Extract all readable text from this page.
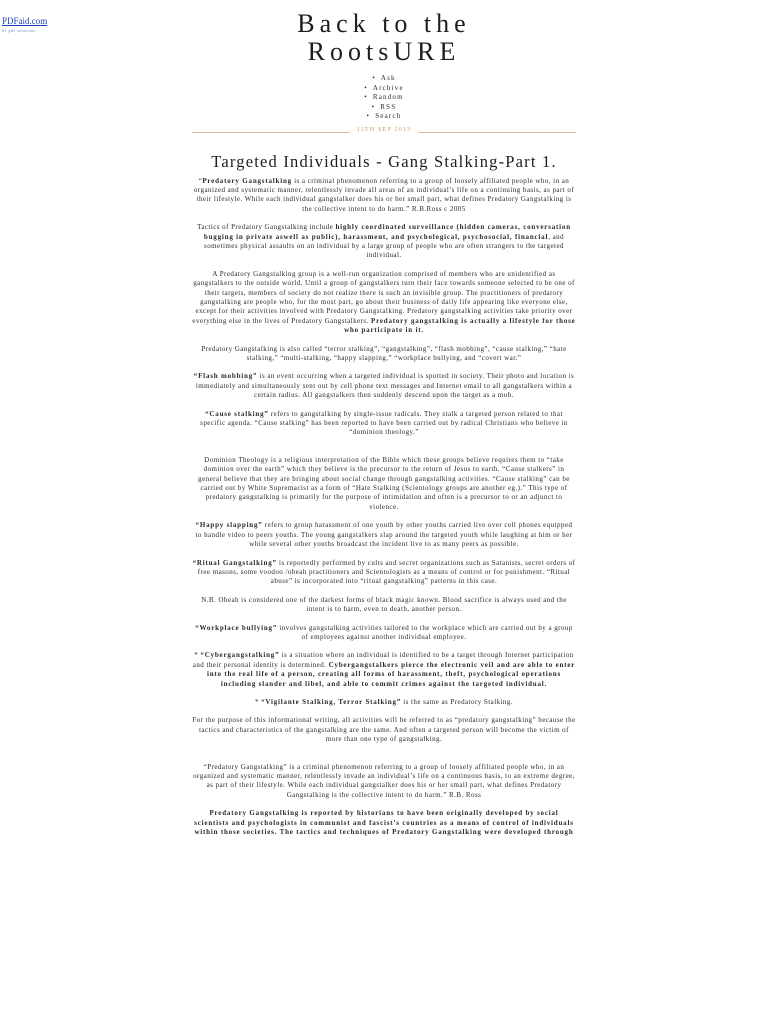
PDFaid.com
#1 pdf solutions	Back to the
RootsURE
• Ask
• Archive
• Random
• RSS
• Search
12TH SEP 2013
Targeted Individuals - Gang Stalking-Part 1.

“Predatory Gangstalking is a criminal phenomenon referring to a group of loosely affiliated people who, in an organized and systematic manner, relentlessly invade all areas of an individual’s life on a continuing basis, as part of their lifestyle. While each individual gangstalker does his or her small part, what defines Predatory Gangstalking is the collective intent to do harm.” R.B.Ross c 2005

Tactics of Predatory Gangstalking include highly coordinated surveillance (hidden cameras, conversation bugging in private aswell as public), harassment, and psychological, psychosocial, financial, and sometimes physical assaults on an individual by a large group of people who are often strangers to the targeted individual.

A Predatory Gangstalking group is a well-run organization comprised of members who are unidentified as gangstalkers to the outside world. Until a group of gangstalkers turn their face towards someone selected to be one of their targets, members of society do not realize there is such an invisible group. The practitioners of predatory gangstalking are people who, for the most part, go about their business of daily life appearing like everyone else, except for their activities involved with Predatory Gangstalking. Predatory gangstalking activities take priority over everything else in the lives of Predatory Gangstalkers. Predatory gangstalking is actually a lifestyle for those who participate in it.

Predatory Gangstalking is also called “terror stalking”, “gangstalking”, “flash mobbing”, “cause stalking,” “hate stalking,” “multi-stalking, “happy slapping,” “workplace bullying, and “covert war.”

“Flash mobbing” is an event occurring when a targeted individual is spotted in society. Their photo and location is immediately and simultaneously sent out by cell phone text messages and Internet email to all gangstalkers within a certain radius. All gangstalkers then suddenly descend upon the target as a mob.

“Cause stalking” refers to gangstalking by single-issue radicals. They stalk a targeted person related to that specific agenda. “Cause stalking” has been reported to have been carried out by radical Christians who believe in “dominion theology.”

Dominion Theology is a religious interpretation of the Bible which these groups believe requires them to “take dominion over the earth” which they believe is the precursor to the return of Jesus to earth. “Cause stalkers” in general believe that they are bringing about social change through gangstalking activities. “Cause stalking” can be carried out by White Supremacist as a form of “Hate Stalking (Scientology groups are another eg.).” This type of predatory gangstalking is primarily for the purpose of intimidation and often is a precursor to or an adjunct to violence.

“Happy slapping” refers to group harassment of one youth by other youths carried live over cell phones equipped to handle video to peers youths. The young gangstalkers slap around the targeted youth while laughing at him or her while several other youths broadcast the incident live to as many peers as possible.

“Ritual Gangstalking” is reportedly performed by cults and secret organizations such as Satanists, secret orders of free masons, some voodoo /obeah practitioners and Scientologists as a means of control or for punishment. “Ritual abuse” is incorporated into “ritual gangstalking” patterns in this case.

N.B. Obeah is considered one of the darkest forms of black magic known. Blood sacrifice is always used and the intent is to harm, even to death, another person.

“Workplace bullying” involves gangstalking activities tailored to the workplace which are carried out by a group of employees against another individual employee.

* “Cybergangstalking” is a situation where an individual is identified to be a target through Internet participation and their personal identity is determined. Cybergangstalkers pierce the electronic veil and are able to enter into the real life of a person, creating all forms of harassment, theft, psychological operations including slander and libel, and able to commit crimes against the targeted individual.

* “Vigilante Stalking, Terror Stalking” is the same as Predatory Stalking.

For the purpose of this informational writing, all activities will be referred to as “predatory gangstalking” because the tactics and characteristics of the gangstalking are the same. And often a targeted person will become the victim of more than one type of gangstalking.

“Predatory Gangstalking” is a criminal phenomenon referring to a group of loosely affiliated people who, in an organized and systematic manner, relentlessly invade an individual’s life on a continuous basis, to an extreme degree, as part of their lifestyle. While each individual gangstalker does his or her small part, what defines Predatory Gangstalking is the collective intent to do harm.” R.B. Ross

Predatory Gangstalking is reported by historians to have been originally developed by social scientists and psychologists in communist and fascist’s countries as a means of control of individuals within those societies. The tactics and techniques of Predatory Gangstalking were developed through
